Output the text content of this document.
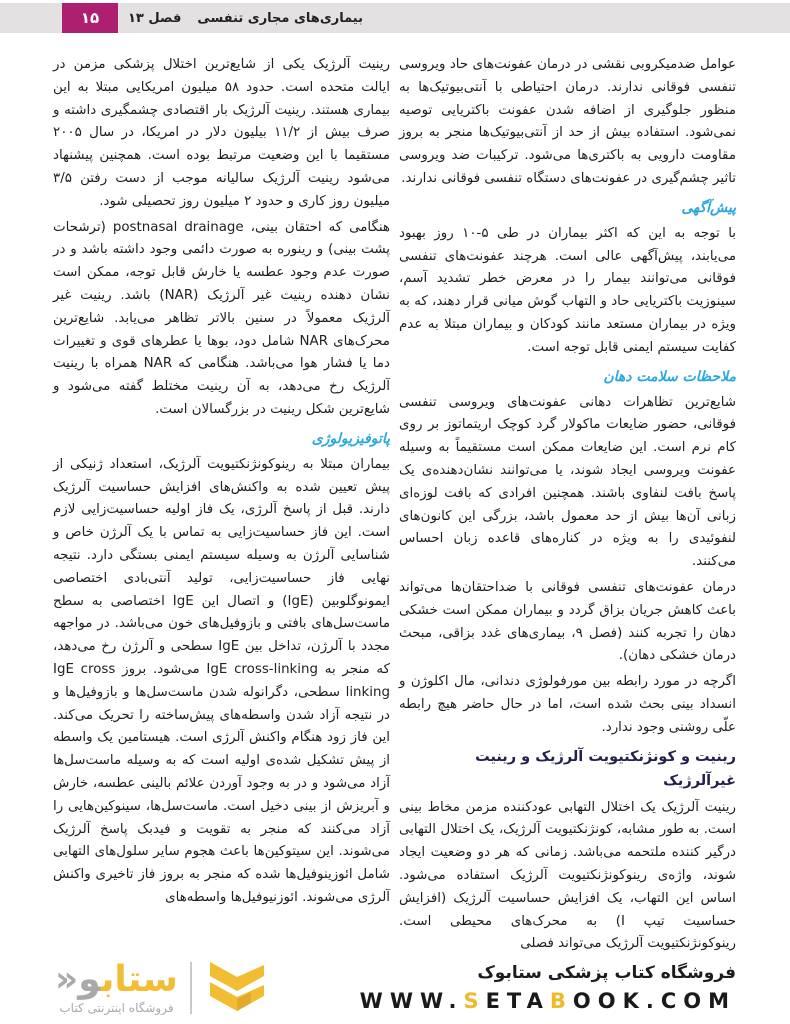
۱۵ فصل ۱۳ بیماری‌های مجاری تنفسی

عوامل ضدمیکروبی نقشی در درمان عفونت‌های حاد ویروسی تنفسی فوقانی ندارند. درمان احتیاطی با آنتی‌بیوتیک‌ها به منظور جلوگیری از اضافه شدن عفونت باکتریایی توصیه نمی‌شود. استفاده بیش از حد از آنتی‌بیوتیک‌ها منجر به بروز مقاومت دارویی به باکتری‌ها می‌شود. ترکیبات ضد ویروسی تاثیر چشم‌گیری در عفونت‌های دستگاه تنفسی فوقانی ندارند.

پیش‌آگهی

با توجه به این که اکثر بیماران در طی ۵-۱۰ روز بهبود می‌یابند، پیش‌آگهی عالی است. هرچند عفونت‌های تنفسی فوقانی می‌توانند بیمار را در معرض خطر تشدید آسم، سینوزیت باکتریایی حاد و التهاب گوش میانی قرار دهند، که به ویژه در بیماران مستعد مانند کودکان و بیماران مبتلا به عدم کفایت سیستم ایمنی قابل توجه است.

ملاحظات سلامت دهان

شایع‌ترین تظاهرات دهانی عفونت‌های ویروسی تنفسی فوقانی، حضور ضایعات ماکولار گرد کوچک اریتماتوز بر روی کام نرم است. این ضایعات ممکن است مستقیماً به وسیله عفونت ویروسی ایجاد شوند، یا می‌توانند نشان‌دهنده‌ی یک پاسخ بافت لنفاوی باشند. همچنین افرادی که بافت لوزه‌ای زبانی آن‌ها بیش از حد معمول باشد، بزرگی این کانون‌های لنفوئیدی را به ویژه در کناره‌های قاعده زبان احساس می‌کنند.

درمان عفونت‌های تنفسی فوقانی با ضداحتقان‌ها می‌تواند باعث کاهش جریان بزاق گردد و بیماران ممکن است خشکی دهان را تجربه کنند (فصل ۹، بیماری‌های غدد بزاقی، مبحث درمان خشکی دهان).

اگرچه در مورد رابطه بین مورفولوژی دندانی، مال اکلوژن و انسداد بینی بحث شده است، اما در حال حاضر هیچ رابطه علّی روشنی وجود ندارد.

رینیت و کونژنکتیویت آلرژیک و رینیت غیرآلرژیک

رینیت آلرژیک یک اختلال التهابی عودکننده مزمن مخاط بینی است. به طور مشابه، کونژنکتیویت آلرژیک، یک اختلال التهابی درگیر کننده ملتحمه می‌باشد. زمانی که هر دو وضعیت ایجاد شوند، واژه‌ی رینوکونژنکتیویت آلرژیک استفاده می‌شود. اساس این التهاب، یک افزایش حساسیت آلرژیک (افزایش حساسیت تیپ I) به محرک‌های محیطی است. رینوکونژنکتیویت آلرژیک می‌تواند فصلی

رینیت آلرژیک یکی از شایع‌ترین اختلال پزشکی مزمن در ایالت متحده است. حدود ۵۸ میلیون امریکایی مبتلا به این بیماری هستند. رینیت آلرژیک بار اقتصادی چشمگیری داشته و صرف بیش از ۱۱/۲ بیلیون دلار در امریکا، در سال ۲۰۰۵ مستقیما با این وضعیت مرتبط بوده است. همچنین پیشنهاد می‌شود رینیت آلرژیک سالیانه موجب از دست رفتن ۳/۵ میلیون روز کاری و حدود ۲ میلیون روز تحصیلی شود.

هنگامی که احتقان بینی، postnasal drainage (ترشحات پشت بینی) و رینوره به صورت دائمی وجود داشته باشد و در صورت عدم وجود عطسه یا خارش قابل توجه، ممکن است نشان دهنده رینیت غیر آلرژیک (NAR) باشد. رینیت غیر آلرژیک معمولاً در سنین بالاتر تظاهر می‌یابد. شایع‌ترین محرک‌های NAR شامل دود، بوها یا عطرهای قوی و تغییرات دما یا فشار هوا می‌باشد. هنگامی که NAR همراه با رینیت آلرژیک رخ می‌دهد، به آن رینیت مختلط گفته می‌شود و شایع‌ترین شکل رینیت در بزرگسالان است.

پاتوفیزیولوژی

بیماران مبتلا به رینوکونژنکتیویت آلرژیک، استعداد ژنیکی از پیش تعیین شده به واکنش‌های افزایش حساسیت آلرژیک دارند. قبل از پاسخ آلرژی، یک فاز اولیه حساسیت‌زایی لازم است. این فاز حساسیت‌زایی به تماس با یک آلرژن خاص و شناسایی آلرژن به وسیله سیستم ایمنی بستگی دارد. نتیجه نهایی فاز حساسیت‌زایی، تولید آنتی‌بادی اختصاصی ایمونوگلوبین (IgE) و اتصال این IgE اختصاصی به سطح ماست‌سل‌های بافتی و بازوفیل‌های خون می‌باشد. در مواجهه مجدد با آلرژن، تداخل بین IgE سطحی و آلرژن رخ می‌دهد، که منجر به IgE cross-linking می‌شود. بروز IgE cross linking سطحی، دگرانوله شدن ماست‌سل‌ها و بازوفیل‌ها و در نتیجه آزاد شدن واسطه‌های پیش‌ساخته را تحریک می‌کند. این فاز زود هنگام واکنش آلرژی است. هیستامین یک واسطه از پیش تشکیل شده‌ی اولیه است که به وسیله ماست‌سل‌ها آزاد می‌شود و در به وجود آوردن علائم بالینی عطسه، خارش و آبریزش از بینی دخیل است. ماست‌سل‌ها، سینوکین‌هایی را آزاد می‌کنند که منجر به تقویت و فیدبک پاسخ آلرژیک می‌شوند. این سیتوکین‌ها باعث هجوم سایر سلول‌های التهابی شامل ائوزینوفیل‌ها شده که منجر به بروز فاز تاخیری واکنش آلرژی می‌شوند. ائوزنیوفیل‌ها واسطه‌های

ستابو«
فروشگاه اینترنتی کتاب
فروشگاه کتاب پزشکی ستابوک
WWW.SETABOOK.COM
